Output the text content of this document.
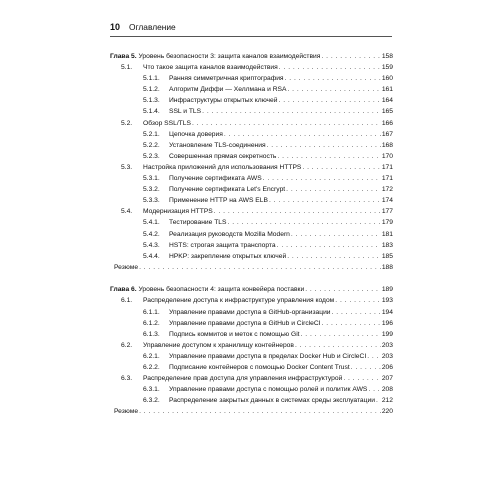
10 Оглавление
Глава 5. Уровень безопасности 3: защита каналов взаимодействия . . .	158
5.1. Что такое защита каналов взаимодействия . . .	159
5.1.1. Ранняя симметричная криптография . . .	160
5.1.2. Алгоритм Диффи — Хеллмана и RSA . . .	161
5.1.3. Инфраструктуры открытых ключей . . .	164
5.1.4. SSL и TLS . . .	165
5.2. Обзор SSL/TLS . . .	166
5.2.1. Цепочка доверия . . .	167
5.2.2. Установление TLS-соединения . . .	168
5.2.3. Совершенная прямая секретность . . .	170
5.3. Настройка приложений для использования HTTPS . . .	171
5.3.1. Получение сертификата AWS . . .	171
5.3.2. Получение сертификата Let's Encrypt . . .	172
5.3.3. Применение HTTP на AWS ELB . . .	174
5.4. Модернизация HTTPS . . .	177
5.4.1. Тестирование TLS . . .	179
5.4.2. Реализация руководств Mozilla Modern . . .	181
5.4.3. HSTS: строгая защита транспорта . . .	183
5.4.4. HPKP: закрепление открытых ключей . . .	185
Резюме . . .	188
Глава 6. Уровень безопасности 4: защита конвейера поставки . . .	189
6.1. Распределение доступа к инфраструктуре управления кодом . . .	193
6.1.1. Управление правами доступа в GitHub-организации . . .	194
6.1.2. Управление правами доступа в GitHub и CircleCI . . .	196
6.1.3. Подпись коммитов и меток с помощью Git . . .	199
6.2. Управление доступом к хранилищу контейнеров . . .	203
6.2.1. Управление правами доступа в пределах Docker Hub и CircleCI . . . 203
6.2.2. Подписание контейнеров с помощью Docker Content Trust . . .	206
6.3. Распределение прав доступа для управления инфраструктурой . . .	207
6.3.1. Управление правами доступа с помощью ролей и политик AWS . . . 208
6.3.2. Распределение закрытых данных в системах среды эксплуатации . . . 212
Резюме . . .	220
